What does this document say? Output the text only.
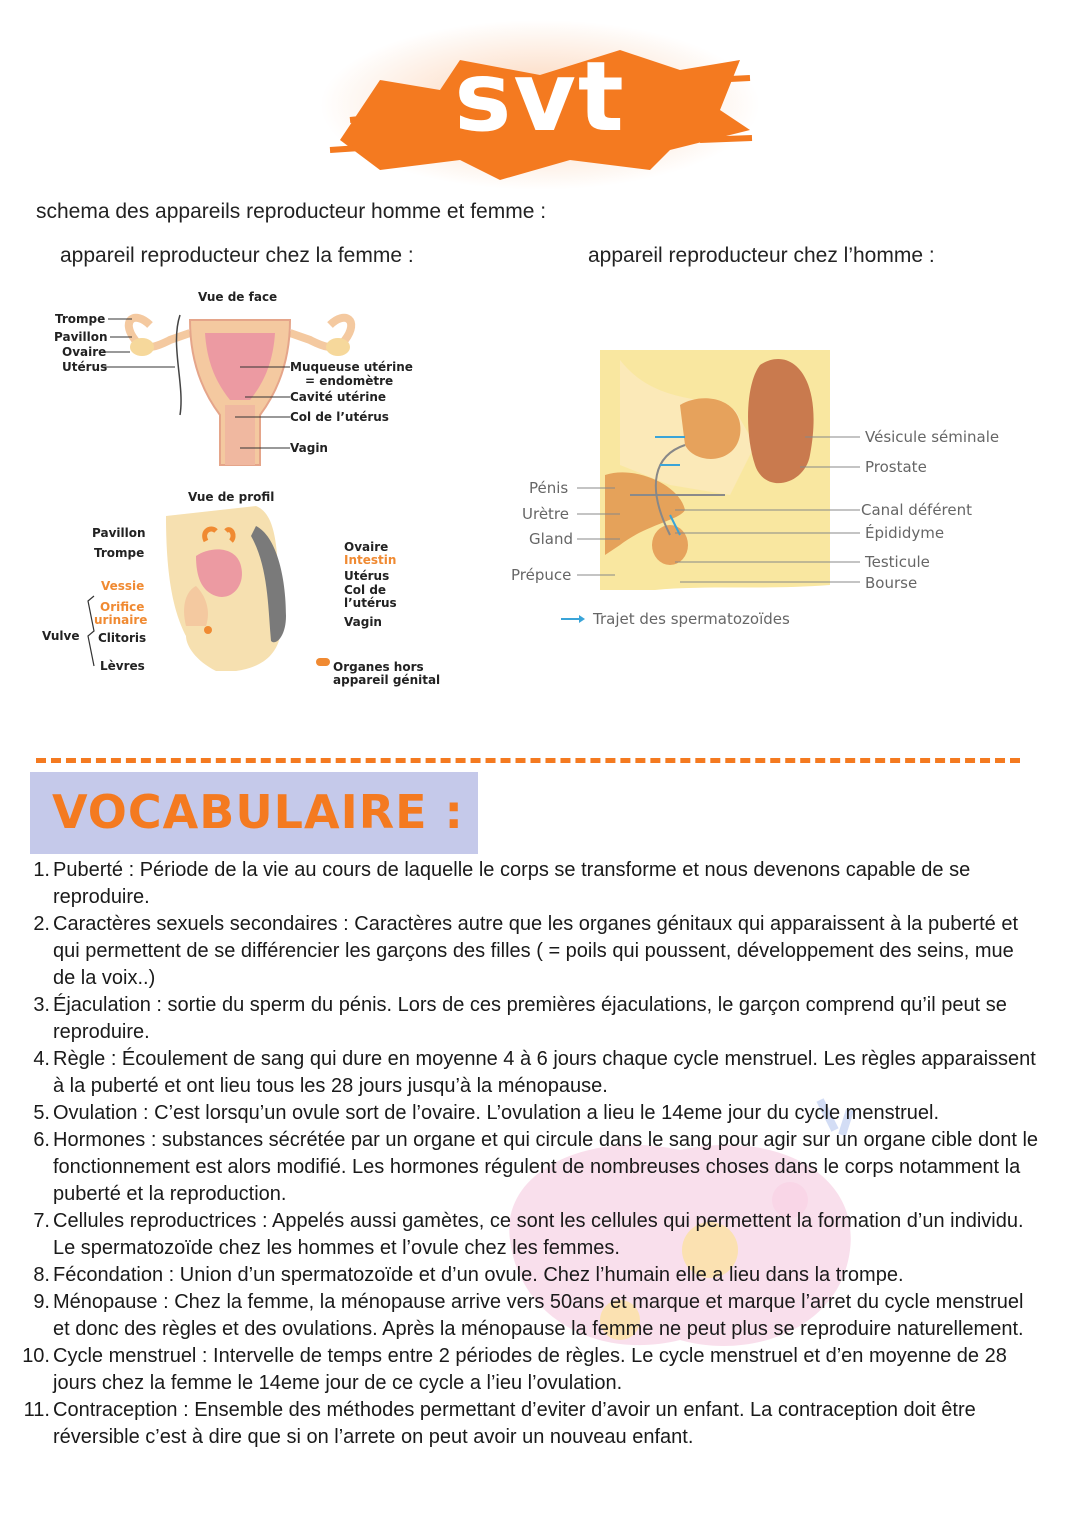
svt
schema des appareils reproducteur homme et femme :
appareil reproducteur chez la femme :	appareil reproducteur chez l’homme :
Vue de face
Trompe
Pavillon
Ovaire
Utérus	Muqueuse utérine
= endomètre
Cavité utérine
Col de l’utérus
Vagin
Vue de profil
Pavillon
Trompe
Vessie
Orifice
urinaire
Clitoris
Lèvres
Vulve
Ovaire
Intestin
Utérus
Col de
l’utérus
Vagin
Organes hors
appareil génital
Pénis
Urètre
Gland
Prépuce
Vésicule séminale
Prostate
Canal déférent
Épididyme
Testicule
Bourse
Trajet des spermatozoïdes
VOCABULAIRE :
1. Puberté : Période de la vie au cours de laquelle le corps se transforme et nous devenons capable de se reproduire.
2. Caractères sexuels secondaires : Caractères autre que les organes génitaux qui apparaissent à la puberté et qui permettent de se différencier les garçons des filles ( = poils qui poussent, développement des seins, mue de la voix..)
3. Éjaculation : sortie du sperm du pénis. Lors de ces premières éjaculations, le garçon comprend qu’il peut se reproduire.
4. Règle : Écoulement de sang qui dure en moyenne 4 à 6 jours chaque cycle menstruel. Les règles apparaissent à la puberté et ont lieu tous les 28 jours jusqu’à la ménopause.
5. Ovulation : C’est lorsqu’un ovule sort de l’ovaire. L’ovulation a lieu le 14eme jour du cycle menstruel.
6. Hormones : substances sécrétée par un organe et qui circule dans le sang pour agir sur un organe cible dont le fonctionnement est alors modifié. Les hormones régulent de nombreuses choses dans le corps notamment la puberté et la reproduction.
7. Cellules reproductrices : Appelés aussi gamètes, ce sont les cellules qui permettent la formation d’un individu. Le spermatozoïde chez les hommes et l’ovule chez les femmes.
8. Fécondation : Union d’un spermatozoïde et d’un ovule. Chez l’humain elle a lieu dans la trompe.
9. Ménopause : Chez la femme, la ménopause arrive vers 50ans et marque et marque l’arret du cycle menstruel et donc des règles et des ovulations. Après la ménopause la femme ne peut plus se reproduire naturellement.
10. Cycle menstruel : Intervelle de temps entre 2 périodes de règles. Le cycle menstruel et d’en moyenne de 28 jours chez la femme le 14eme jour de ce cycle a l’ieu l’ovulation.
11. Contraception : Ensemble des méthodes permettant d’eviter d’avoir un enfant. La contraception doit être réversible c’est à dire que si on l’arrete on peut avoir un nouveau enfant.
